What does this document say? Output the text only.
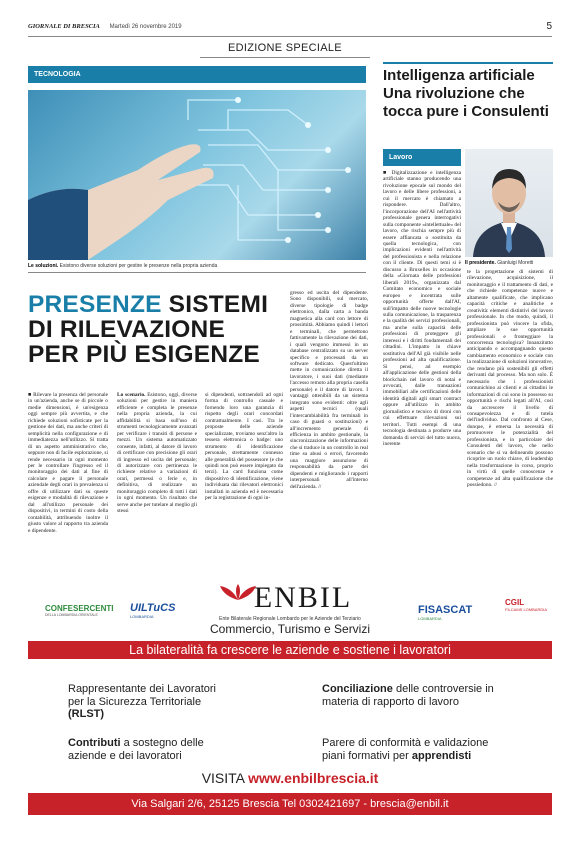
GIORNALE DI BRESCIA Martedì 26 novembre 2019	5
EDIZIONE SPECIALE
TECNOLOGIA
Le soluzioni. Esistono diverse soluzioni per gestire le presenze nella propria azienda
PRESENZE SISTEMI
DI RILEVAZIONE
PER PIÙ ESIGENZE
■ Rilevare la presenza del personale in un'azienda, anche se di piccole o medie dimensioni, è un'esigenza oggi sempre più avvertita, e che richiede soluzioni sofisticate per la gestione dei dati, ma anche criteri di semplicità nella configurazione e di immediatezza nell'utilizzo. Si tratta di un aspetto amministrativo che, seppure non di facile esplorazione, si rende necessario in ogni momento per le controllare l'ingresso ed il monitoraggio dei dati al fine di calcolare e pagare il personale aziendale degli orari in prevalenza si offre di utilizzare dati su queste esigenze e modalità di rilevazione e dal all'utilizzo personale dei dispositivi, in termini di costo della contabilità, attribuendo inoltre il giusto valore al rapporto tra azienda e dipendente.
Lo scenario. Esistono, oggi, diverse soluzioni per gestire in maniera efficiente e completa le presenze nella propria azienda, la cui affidabilità si basa sull'uso di strumenti tecnologicamente avanzati per verificare i transiti di persone e mezzi. Un sistema automatizzato consente, infatti, al datore di lavoro di certificare con precisione gli orari di ingresso ed uscita del personale; di autorizzare con pertinenza le richieste relative a variazioni di orari, permessi o ferie e, in definitiva, di realizzare un monitoraggio completo di tutti i dati in ogni momento. Un risultato che serve anche per tutelare al meglio gli stessi
si dipendenti, sottraendoli ad ogni forma di controllo casuale e fornendo loro una garanzia di rispetto degli orari concordati contrattualmente. I casi. Tra le proposte delle aziende specializzate, troviamo senz'altro la tessera elettronica o badge: uno strumento di identificazione personale, strettamente connesso alle generalità del possessore (e che quindi non può essere impiegato da terzi). La card funziona come dispositivo di identificazione, viene individuata dai rilevatori elettronici installati in azienda ed è necessaria per la registrazione di ogni in-
gresso ed uscita del dipendente. Sono disponibili, sul mercato, diverse tipologie di badge elettronico, dalla carta a banda magnetica alla card con lettore di prossimità. Abbiamo quindi i lettori e terminali, che permettono fattivamente la rilevazione dei dati, i quali vengono immessi in un database centralizzato su un server specifico e processati da un software dedicato. Quest'ultimo mette in comunicazione diretta il lavoratore, i suoi dati (mediante l'accesso remoto alla propria casella personale) e il datore di lavoro. I vantaggi ottenibili da un sistema integrato sono evidenti: oltre agli aspetti tecnici (quali l'intercambiabilità fra terminali in caso di guasti o sostituzioni) e all'incremento generale di efficienza in ambito gestionale, la sincronizzazione delle informazioni che si traduce in un controllo in real time su abusi o errori, favorendo una maggiore assunzione di responsabilità da parte dei dipendenti e migliorando i rapporti interpersonali all'interno dell'azienda. //
Intelligenza artificiale
Una rivoluzione che
tocca pure i Consulenti
Lavoro
Il presidente. Gianluigi Moretti
■ Digitalizzazione e intelligenza artificiale stanno producendo una rivoluzione epocale sul mondo del lavoro e delle libere professioni, a cui il mercato è chiamato a rispondere. Dall'altro, l'incorporazione dell'AI nell'attività professionale genera interrogativi sulla componente «intellettuale» del lavoro, che rischia sempre più di essere affiancata o sostituita da quella tecnologica, con implicazioni evidenti nell'attività del professionista e nella relazione con il cliente. Di questi temi si è discusso a Bruxelles in occasione della «Giornata delle professioni liberali 2019», organizzata dal Comitato economico e sociale europeo e incentrata sulle opportunità offerte dall'AI, sull'impatto delle nuove tecnologie sulla comunicazione, la trasparenza e la qualità dei servizi professionali, ma anche sulla capacità delle professioni di proteggere gli interessi e i diritti fondamentali dei cittadini. L'impatto in chiave sostitutiva dell'AI già visibile nelle professioni ad alta qualificazione. Si pensi, ad esempio all'applicazione delle gestioni della blockchain nel lavoro di notai e avvocati, dalle transazioni immobiliari alle certificazioni delle identità digitali agli smart contract oppure all'utilizzo in ambito giornalistico e tecnico di droni con cui effettuare rilevazioni sui territori. Tutti esempi di una tecnologia destinata a produrre una domanda di servizi del tutto nuova, inerente
te la progettazione di sistemi di rilevazione, acquisizione, il monitoraggio e il trattamento di dati, e che richiede competenze nuove e altamente qualificate, che implicano capacità critiche e analitiche e creatività: elementi distintivi del lavoro professionale. In che modo, quindi, il professionista può vincere la sfida, ampliare le sue opportunità professionali e fronteggiare la concorrenza tecnologica? Innanzitutto anticipando e accompagnando questo cambiamento economico e sociale con la realizzazione di soluzioni innovative, che rendano più sostenibili gli effetti derivanti dal processo. Ma non solo. È necessario che i professionisti comunichino ai clienti e ai cittadini le informazioni di cui sono in possesso su opportunità e rischi legati all'AI, così da accrescere il livello di consapevolezza e di tutela dell'individuo. Dal confronto al Cese, dunque, è emersa la necessità di promuovere le potenzialità del professionista, e in particolare dei Consulenti del lavoro, che nello scenario che si va delineando possono ricoprire un ruolo chiave, di leadership nella trasformazione in corso, proprio in virtù di quelle conoscenze e competenze ad alta qualificazione che possiedono. //
CONFESERCENTI
DELLA LOMBARDIA ORIENTALE
UILTuCS
LOMBARDIA
ENBIL
Ente Bilaterale Regionale Lombardo per le Aziende del Terziario
Commercio, Turismo e Servizi
FISASCAT
LOMBARDIA
CGIL
FILCAMS LOMBARDIA
La bilateralità fa crescere le aziende e sostiene i lavoratori
Rappresentante dei Lavoratori
per la Sicurezza Territoriale
(RLST)
Conciliazione delle controversie in
materia di rapporto di lavoro
Contributi a sostegno delle
aziende e dei lavoratori
Parere di conformità e validazione
piani formativi per apprendisti
VISITA www.enbilbrescia.it
Via Salgari 2/6, 25125 Brescia Tel 0302421697 - brescia@enbil.it
